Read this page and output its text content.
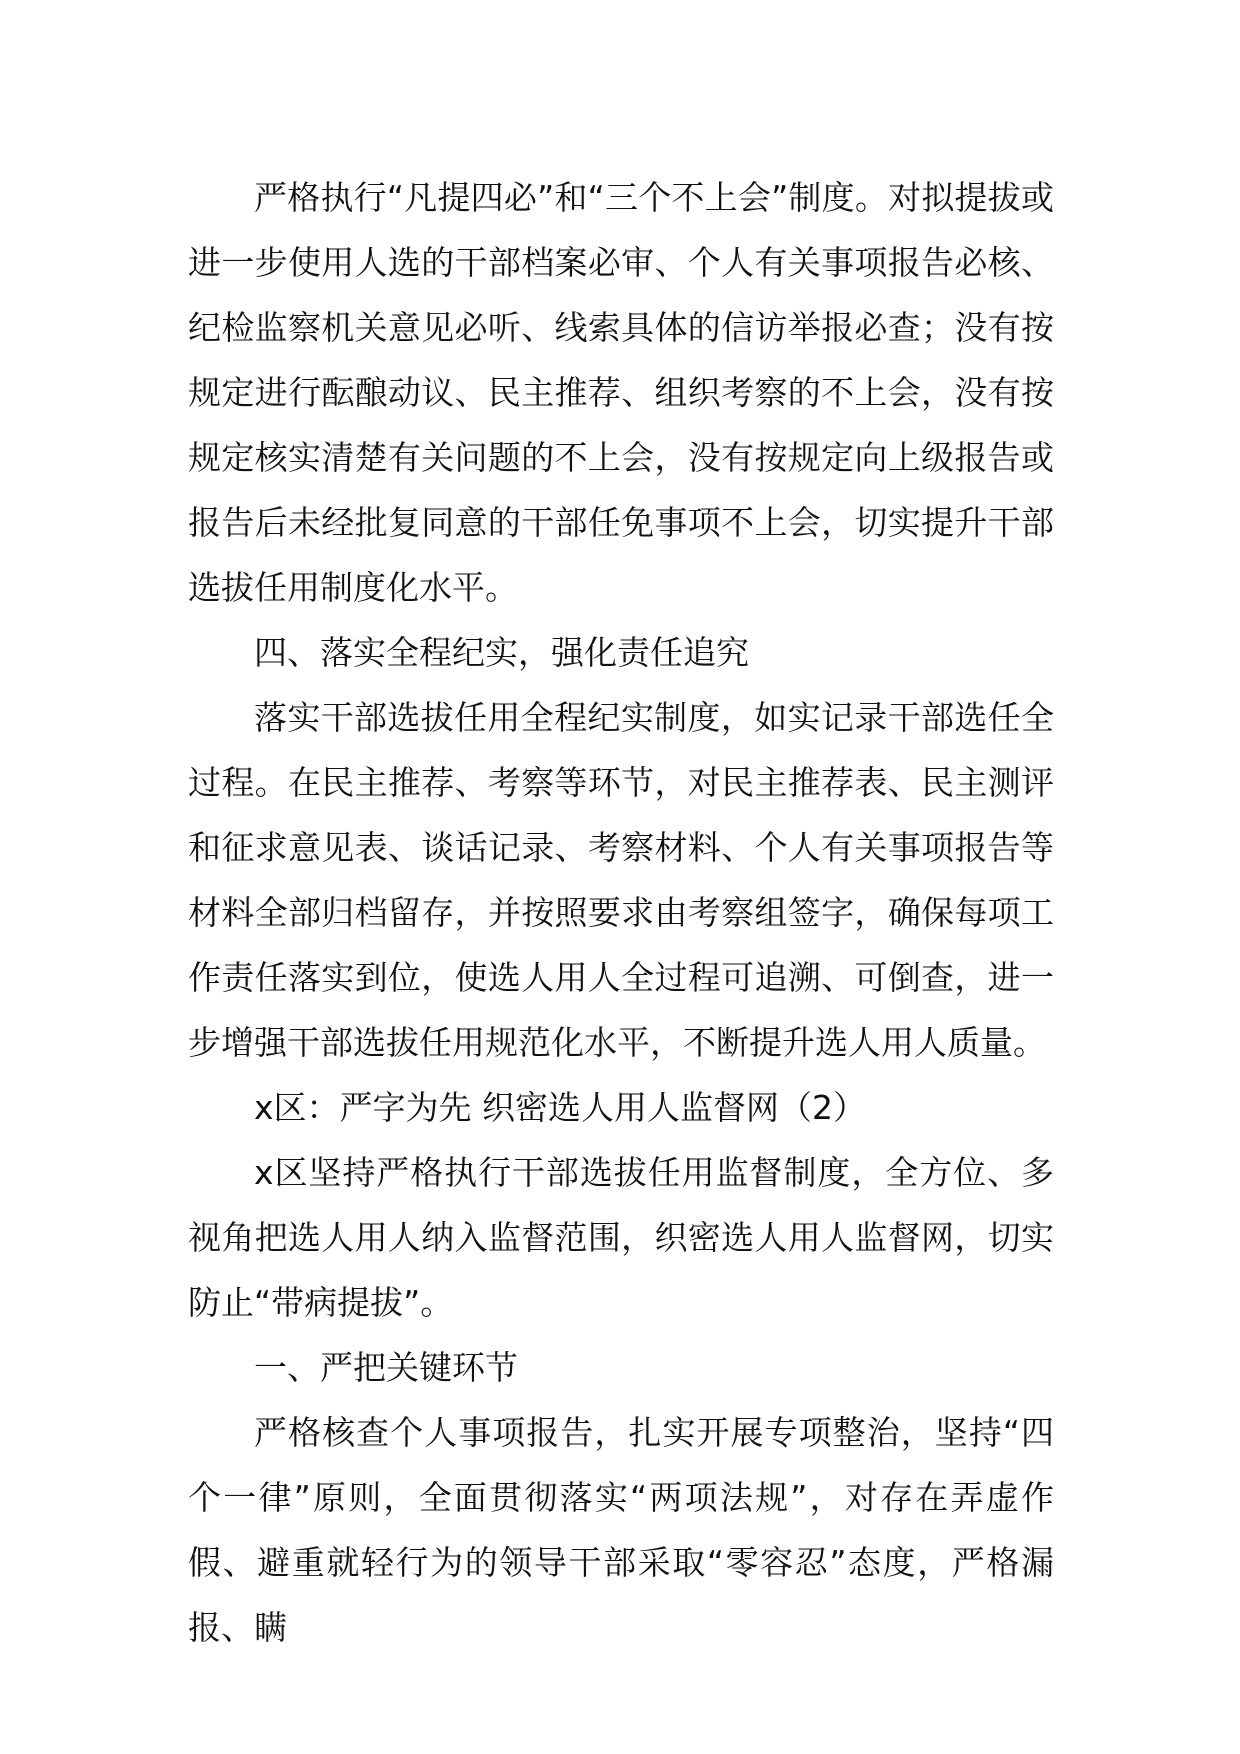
严格执行“凡提四必”和“三个不上会”制度。对拟提拔或进一步使用人选的干部档案必审、个人有关事项报告必核、纪检监察机关意见必听、线索具体的信访举报必查；没有按规定进行酝酿动议、民主推荐、组织考察的不上会，没有按规定核实清楚有关问题的不上会，没有按规定向上级报告或报告后未经批复同意的干部任免事项不上会，切实提升干部选拔任用制度化水平。

四、落实全程纪实，强化责任追究

落实干部选拔任用全程纪实制度，如实记录干部选任全过程。在民主推荐、考察等环节，对民主推荐表、民主测评和征求意见表、谈话记录、考察材料、个人有关事项报告等材料全部归档留存，并按照要求由考察组签字，确保每项工作责任落实到位，使选人用人全过程可追溯、可倒查，进一步增强干部选拔任用规范化水平，不断提升选人用人质量。

x区：严字为先 织密选人用人监督网（2）

x区坚持严格执行干部选拔任用监督制度，全方位、多视角把选人用人纳入监督范围，织密选人用人监督网，切实防止“带病提拔”。

一、严把关键环节

严格核查个人事项报告，扎实开展专项整治，坚持“四个一律”原则，全面贯彻落实“两项法规”，对存在弄虚作假、避重就轻行为的领导干部采取“零容忍”态度，严格漏报、瞒
